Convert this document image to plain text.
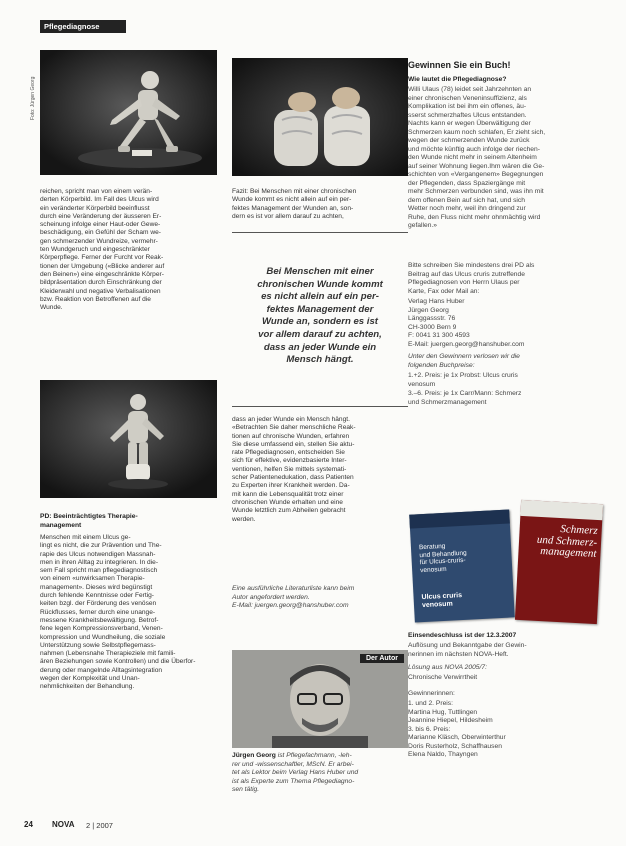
Pflegediagnose
Foto: Jürgen Georg
reichen, spricht man von einem verän-
derten Körperbild. Im Fall des Ulcus wird
ein veränderter Körperbild beeinflusst
durch eine Veränderung der äusseren Er-
scheinung infolge einer Haut-oder Gewe-
beschädigung, ein Gefühl der Scham we-
gen schmerzender Wundreize, vermehr-
ten Wundgeruch und eingeschränkter
Körperpflege. Ferner der Furcht vor Reak-
tionen der Umgebung («Blicke anderer auf
den Beinen») eine eingeschränkte Körper-
bildpräsentation durch Einschränkung der
Kleiderwahl und negative Verbalisationen
bzw. Reaktion von Betroffenen auf die
Wunde.
PD: Beeinträchtigtes Therapie-
management
Menschen mit einem Ulcus ge-
lingt es nicht, die zur Prävention und The-
rapie des Ulcus notwendigen Massnah-
men in ihren Alltag zu integrieren. In die-
sem Fall spricht man pflegediagnostisch
von einem «unwirksamen Therapie-
management». Dieses wird begünstigt
durch fehlende Kenntnisse oder Fertig-
keiten bzgl. der Förderung des venösen
Rückflusses, ferner durch eine unange-
messene Krankheitsbewältigung. Betrof-
fene legen Kompressionsverband, Venen-
kompression und Wundheilung, die soziale
Unterstützung sowie Selbstpflegemass-
nahmen (Lebensnahe Therapieziele mit famili-
ären Beziehungen sowie Kontrollen) und die Überfor-
derung oder mangelnde Alltagsintegration
wegen der Komplexität und Unan-
nehmlichkeiten der Behandlung.
Fazit: Bei Menschen mit einer chronischen
Wunde kommt es nicht allein auf ein per-
fektes Management der Wunden an, son-
dern es ist vor allem darauf zu achten,
Bei Menschen mit einer
chronischen Wunde kommt
es nicht allein auf ein per-
fektes Management der
Wunde an, sondern es ist
vor allem darauf zu achten,
dass an jeder Wunde ein
Mensch hängt.
dass an jeder Wunde ein Mensch hängt.
«Betrachten Sie daher menschliche Reak-
tionen auf chronische Wunden, erfahren
Sie diese umfassend ein, stellen Sie aktu-
rate Pflegediagnosen, entscheiden Sie
sich für effektive, evidenzbasierte Inter-
ventionen, helfen Sie mittels systemati-
scher Patientenedukation, dass Patienten
zu Experten ihrer Krankheit werden. Da-
mit kann die Lebensqualität trotz einer
chronischen Wunde erhalten und eine
Wunde letztlich zum Abheilen gebracht
werden.
Eine ausführliche Literaturliste kann beim
Autor angefordert werden.
E-Mail: juergen.georg@hanshuber.com
Der Autor
Jürgen Georg ist Pflegefachmann, -leh-
rer und -wissenschaftler, MScN. Er arbei-
tet als Lektor beim Verlag Hans Huber und
ist als Experte zum Thema Pflegediagno-
sen tätig.
Gewinnen Sie ein Buch!
Wie lautet die Pflegediagnose?
Willi Ulaus (78) leidet seit Jahrzehnten an
einer chronischen Veneninsuffizienz, als
Komplikation ist bei ihm ein offenes, äu-
sserst schmerzhaftes Ulcus entstanden.
Nachts kann er wegen Überwältigung der
Schmerzen kaum noch schlafen, Er zieht sich,
wegen der schmerzenden Wunde zurück
und möchte künftig auch infolge der riechen-
den Wunde nicht mehr in seinem Altenheim
auf seiner Wohnung liegen.Ihm wären die Ge-
schichten von «Vergangenem» Begegnungen
der Pflegenden, dass Spaziergänge mit
mehr Schmerzen verbunden sind, was ihn mit
dem offenen Bein auf sich hat, und sich
Wetter noch mehr, weil ihn dringend zur
Ruhe, den Fluss nicht mehr ohnmächtig wird
gefallen.»
Bitte schreiben Sie mindestens drei PD als
Beitrag auf das Ulcus cruris zutreffende
Pflegediagnosen von Herrn Ulaus per
Karte, Fax oder Mail an:
Verlag Hans Huber
Jürgen Georg
Länggassstr. 76
CH-3000 Bern 9
F: 0041 31 300 4593
E-Mail: juergen.georg@hanshuber.com
Unter den Gewinnern verlosen wir die
folgenden Buchpreise:
1.+2. Preis: je 1x Probst: Ulcus cruris
venosum
3.–6. Preis: je 1x Carr/Mann: Schmerz
und Schmerzmanagement
Beratung
und Behandlung
für Ulcus-cruris-
venosum
Ulcus cruris
venosum
Schmerz
und Schmerz-
management
Einsendeschluss ist der 12.3.2007
Auflösung und Bekanntgabe der Gewin-
nerinnen im nächsten NOVA-Heft.
Lösung aus NOVA 2005/7:
Chronische Verwirrtheit
Gewinnerinnen:
1. und 2. Preis:
Martina Hug, Tuttlingen
Jeannine Hiepel, Hildesheim
3. bis 6. Preis:
Marianne Kläsch, Oberwinterthur
Doris Rusterholz, Schaffhausen
Elena Naldo, Thayngen
24 NOVA 2 | 2007
